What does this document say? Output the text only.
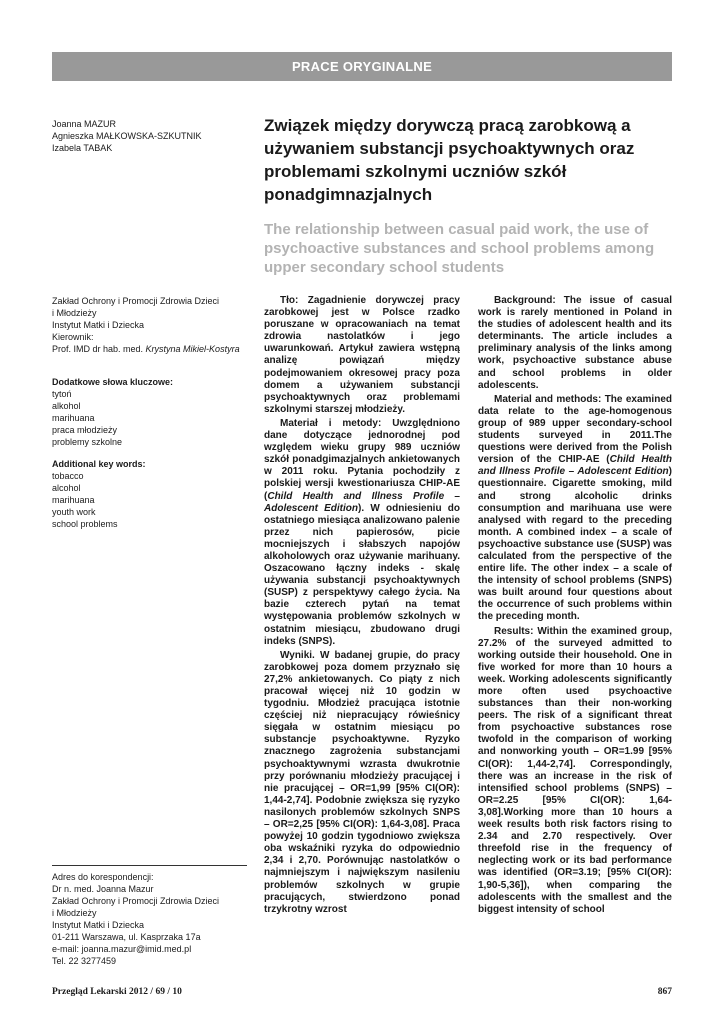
PRACE ORYGINALNE
Joanna MAZUR
Agnieszka MAŁKOWSKA-SZKUTNIK
Izabela TABAK
Związek między dorywczą pracą zarobkową a używaniem substancji psychoaktywnych oraz problemami szkolnymi uczniów szkół ponadgimnazjalnych
The relationship between casual paid work, the use of psychoactive substances and school problems among upper secondary school students
Zakład Ochrony i Promocji Zdrowia Dzieci
i Młodzieży
Instytut Matki i Dziecka
Kierownik:
Prof. IMD dr hab. med. Krystyna Mikiel-Kostyra
Dodatkowe słowa kluczowe:
tytoń
alkohol
marihuana
praca młodzieży
problemy szkolne
Additional key words:
tobacco
alcohol
marihuana
youth work
school problems

Tło: Zagadnienie dorywczej pracy zarobkowej jest w Polsce rzadko poruszane w opracowaniach na temat zdrowia nastolatków i jego uwarunkowań. Artykuł zawiera wstępną analizę powiązań między podejmowaniem okresowej pracy poza domem a używaniem substancji psychoaktywnych oraz problemami szkolnymi starszej młodzieży.

Materiał i metody: Uwzględniono dane dotyczące jednorodnej pod względem wieku grupy 989 uczniów szkół ponadgimazjalnych ankietowanych w 2011 roku. Pytania pochodziły z polskiej wersji kwestionariusza CHIP-AE (Child Health and Illness Profile – Adolescent Edition). W odniesieniu do ostatniego miesiąca analizowano palenie przez nich papierosów, picie mocniejszych i słabszych napojów alkoholowych oraz używanie marihuany. Oszacowano łączny indeks - skalę używania substancji psychoaktywnych (SUSP) z perspektywy całego życia. Na bazie czterech pytań na temat występowania problemów szkolnych w ostatnim miesiącu, zbudowano drugi indeks (SNPS).

Wyniki. W badanej grupie, do pracy zarobkowej poza domem przyznało się 27,2% ankietowanych. Co piąty z nich pracował więcej niż 10 godzin w tygodniu. Młodzież pracująca istotnie częściej niż niepracujący rówieśnicy sięgała w ostatnim miesiącu po substancje psychoaktywne. Ryzyko znacznego zagrożenia substancjami psychoaktywnymi wzrasta dwukrotnie przy porównaniu młodzieży pracującej i nie pracującej – OR=1,99 [95% CI(OR): 1,44-2,74]. Podobnie zwiększa się ryzyko nasilonych problemów szkolnych SNPS – OR=2,25 [95% CI(OR): 1,64-3,08]. Praca powyżej 10 godzin tygodniowo zwiększa oba wskaźniki ryzyka do odpowiednio 2,34 i 2,70. Porównując nastolatków o najmniejszym i największym nasileniu problemów szkolnych w grupie pracujących, stwierdzono ponad trzykrotny wzrost

Background: The issue of casual work is rarely mentioned in Poland in the studies of adolescent health and its determinants. The article includes a preliminary analysis of the links among work, psychoactive substance abuse and school problems in older adolescents.

Material and methods: The examined data relate to the age-homogenous group of 989 upper secondary-school students surveyed in 2011.The questions were derived from the Polish version of the CHIP-AE (Child Health and Illness Profile – Adolescent Edition) questionnaire. Cigarette smoking, mild and strong alcoholic drinks consumption and marihuana use were analysed with regard to the preceding month. A combined index – a scale of psychoactive substance use (SUSP) was calculated from the perspective of the entire life. The other index – a scale of the intensity of school problems (SNPS) was built around four questions about the occurrence of such problems within the preceding month.

Results: Within the examined group, 27.2% of the surveyed admitted to working outside their household. One in five worked for more than 10 hours a week. Working adolescents significantly more often used psychoactive substances than their non-working peers. The risk of a significant threat from psychoactive substances rose twofold in the comparison of working and nonworking youth – OR=1.99 [95% CI(OR): 1,44-2,74]. Correspondingly, there was an increase in the risk of intensified school problems (SNPS) – OR=2.25 [95% CI(OR): 1,64-3,08].Working more than 10 hours a week results both risk factors rising to 2.34 and 2.70 respectively. Over threefold rise in the frequency of neglecting work or its bad performance was identified (OR=3.19; [95% CI(OR): 1,90-5,36]), when comparing the adolescents with the smallest and the biggest intensity of school

Adres do korespondencji:
Dr n. med. Joanna Mazur
Zakład Ochrony i Promocji Zdrowia Dzieci
i Młodzieży
Instytut Matki i Dziecka
01-211 Warszawa, ul. Kasprzaka 17a
e-mail: joanna.mazur@imid.med.pl
Tel. 22 3277459
Przegląd Lekarski 2012 / 69 / 10	867
